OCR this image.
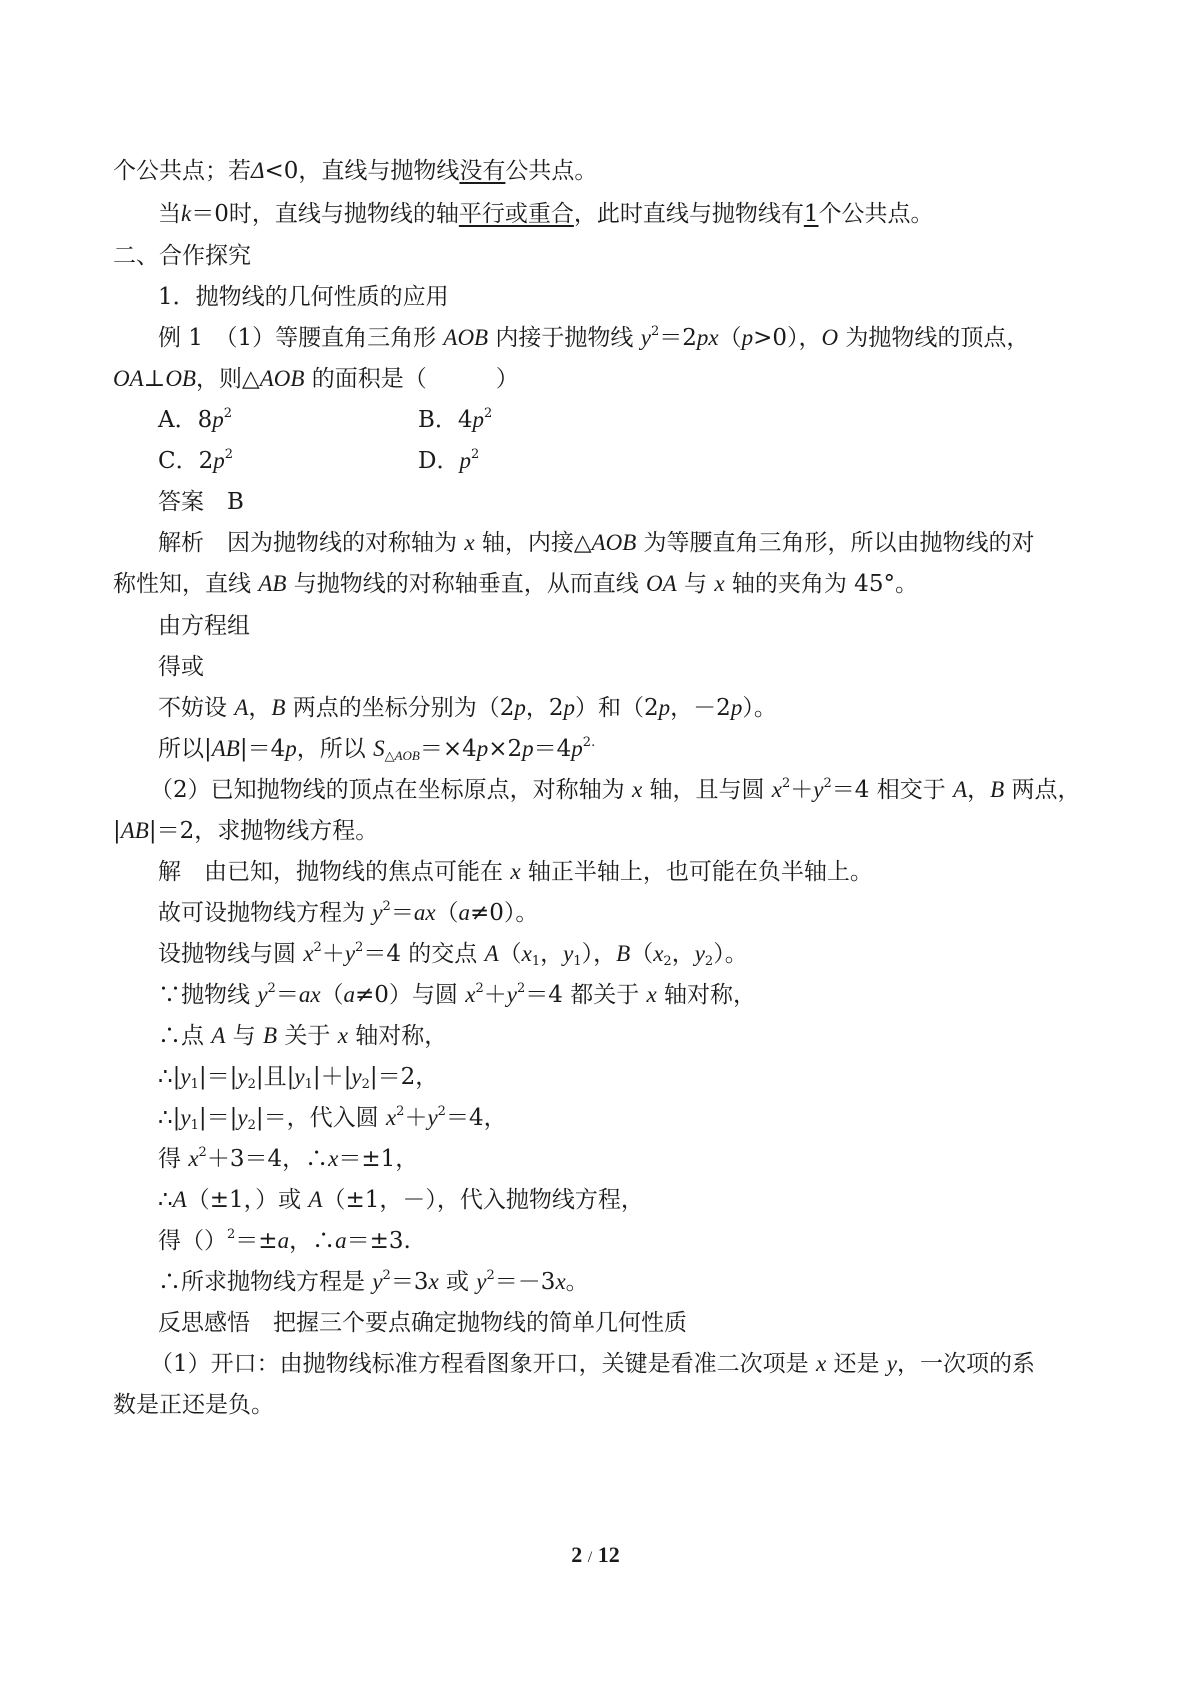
个公共点；若Δ<0，直线与抛物线没有公共点。
当k＝0时，直线与抛物线的轴平行或重合，此时直线与抛物线有1个公共点。
二、合作探究
1．抛物线的几何性质的应用
例 1　（1）等腰直角三角形 AOB 内接于抛物线 $y^2=2px(p>0)$，O 为抛物线的顶点，
OA⊥OB，则△AOB 的面积是（　　　）
A．$8p^2$	B．$4p^2$
C．$2p^2$	D．$p^2$
答案　B
解析　因为抛物线的对称轴为 x 轴，内接△AOB 为等腰直角三角形，所以由抛物线的对
称性知，直线 AB 与抛物线的对称轴垂直，从而直线 OA 与 x 轴的夹角为 45°。
由方程组
得或
不妨设 A，B 两点的坐标分别为（2p，2p）和（2p，－2p）。
所以|AB|＝4p，所以 $S_{\triangle AOB}=\times 4p\times 2p=4p^{2.}$
（2）已知抛物线的顶点在坐标原点，对称轴为 x 轴，且与圆 $x^2+y^2=4$ 相交于 A，B 两点，
|AB|＝2，求抛物线方程。
解　由已知，抛物线的焦点可能在 x 轴正半轴上，也可能在负半轴上。
故可设抛物线方程为 $y^2=ax(a\ne 0)$。
设抛物线与圆 $x^2+y^2=4$ 的交点 $A(x_1$，$y_1$），$B(x_2$，$y_2$）。
∵抛物线 $y^2=ax(a\ne 0)$与圆 $x^2+y^2=4$ 都关于 x 轴对称，
∴点 A 与 B 关于 x 轴对称，
$\therefore|y_1|=|y_2|$且$|y_1|+|y_2|=2$，
$\therefore|y_1|=|y_2|=$，代入圆 $x^2+y^2=4$，
得 $x^2+3=4$，∴x＝±1，
∴A（±1，）或 A（±1，－），代入抛物线方程，
得（）$^2$＝±a，∴a＝±3.
∴所求抛物线方程是 $y^2=3x$ 或 $y^2=-3x$。
反思感悟　把握三个要点确定抛物线的简单几何性质
（1）开口：由抛物线标准方程看图象开口，关键是看准二次项是 x 还是 y，一次项的系
数是正还是负。
2 / 12
